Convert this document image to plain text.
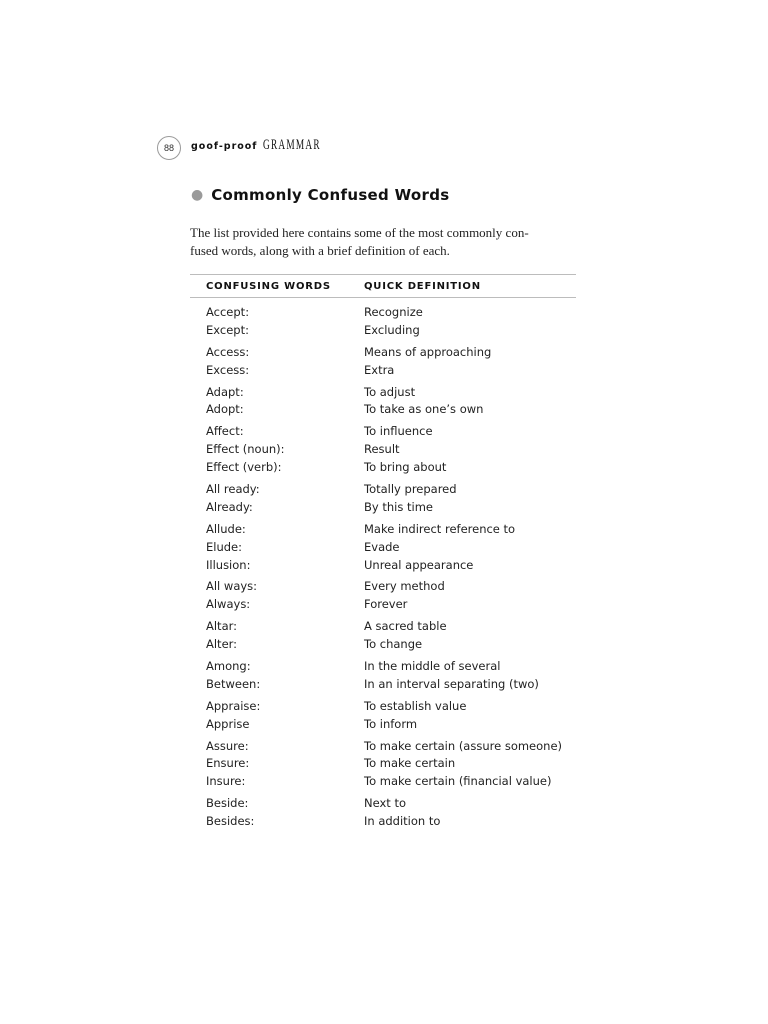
88 goof-proof GRAMMAR
● Commonly Confused Words

The list provided here contains some of the most commonly con-

fused words, along with a brief definition of each.

CONFUSING WORDS	QUICK DEFINITION
Accept:	Recognize
Except:	Excluding
Access:	Means of approaching
Excess:	Extra
Adapt:	To adjust
Adopt:	To take as one’s own
Affect:	To influence
Effect (noun):	Result
Effect (verb):	To bring about
All ready:	Totally prepared
Already:	By this time
Allude:	Make indirect reference to
Elude:	Evade
Illusion:	Unreal appearance
All ways:	Every method
Always:	Forever
Altar:	A sacred table
Alter:	To change
Among:	In the middle of several
Between:	In an interval separating (two)
Appraise:	To establish value
Apprise	To inform
Assure:	To make certain (assure someone)
Ensure:	To make certain
Insure:	To make certain (financial value)
Beside:	Next to
Besides:	In addition to
